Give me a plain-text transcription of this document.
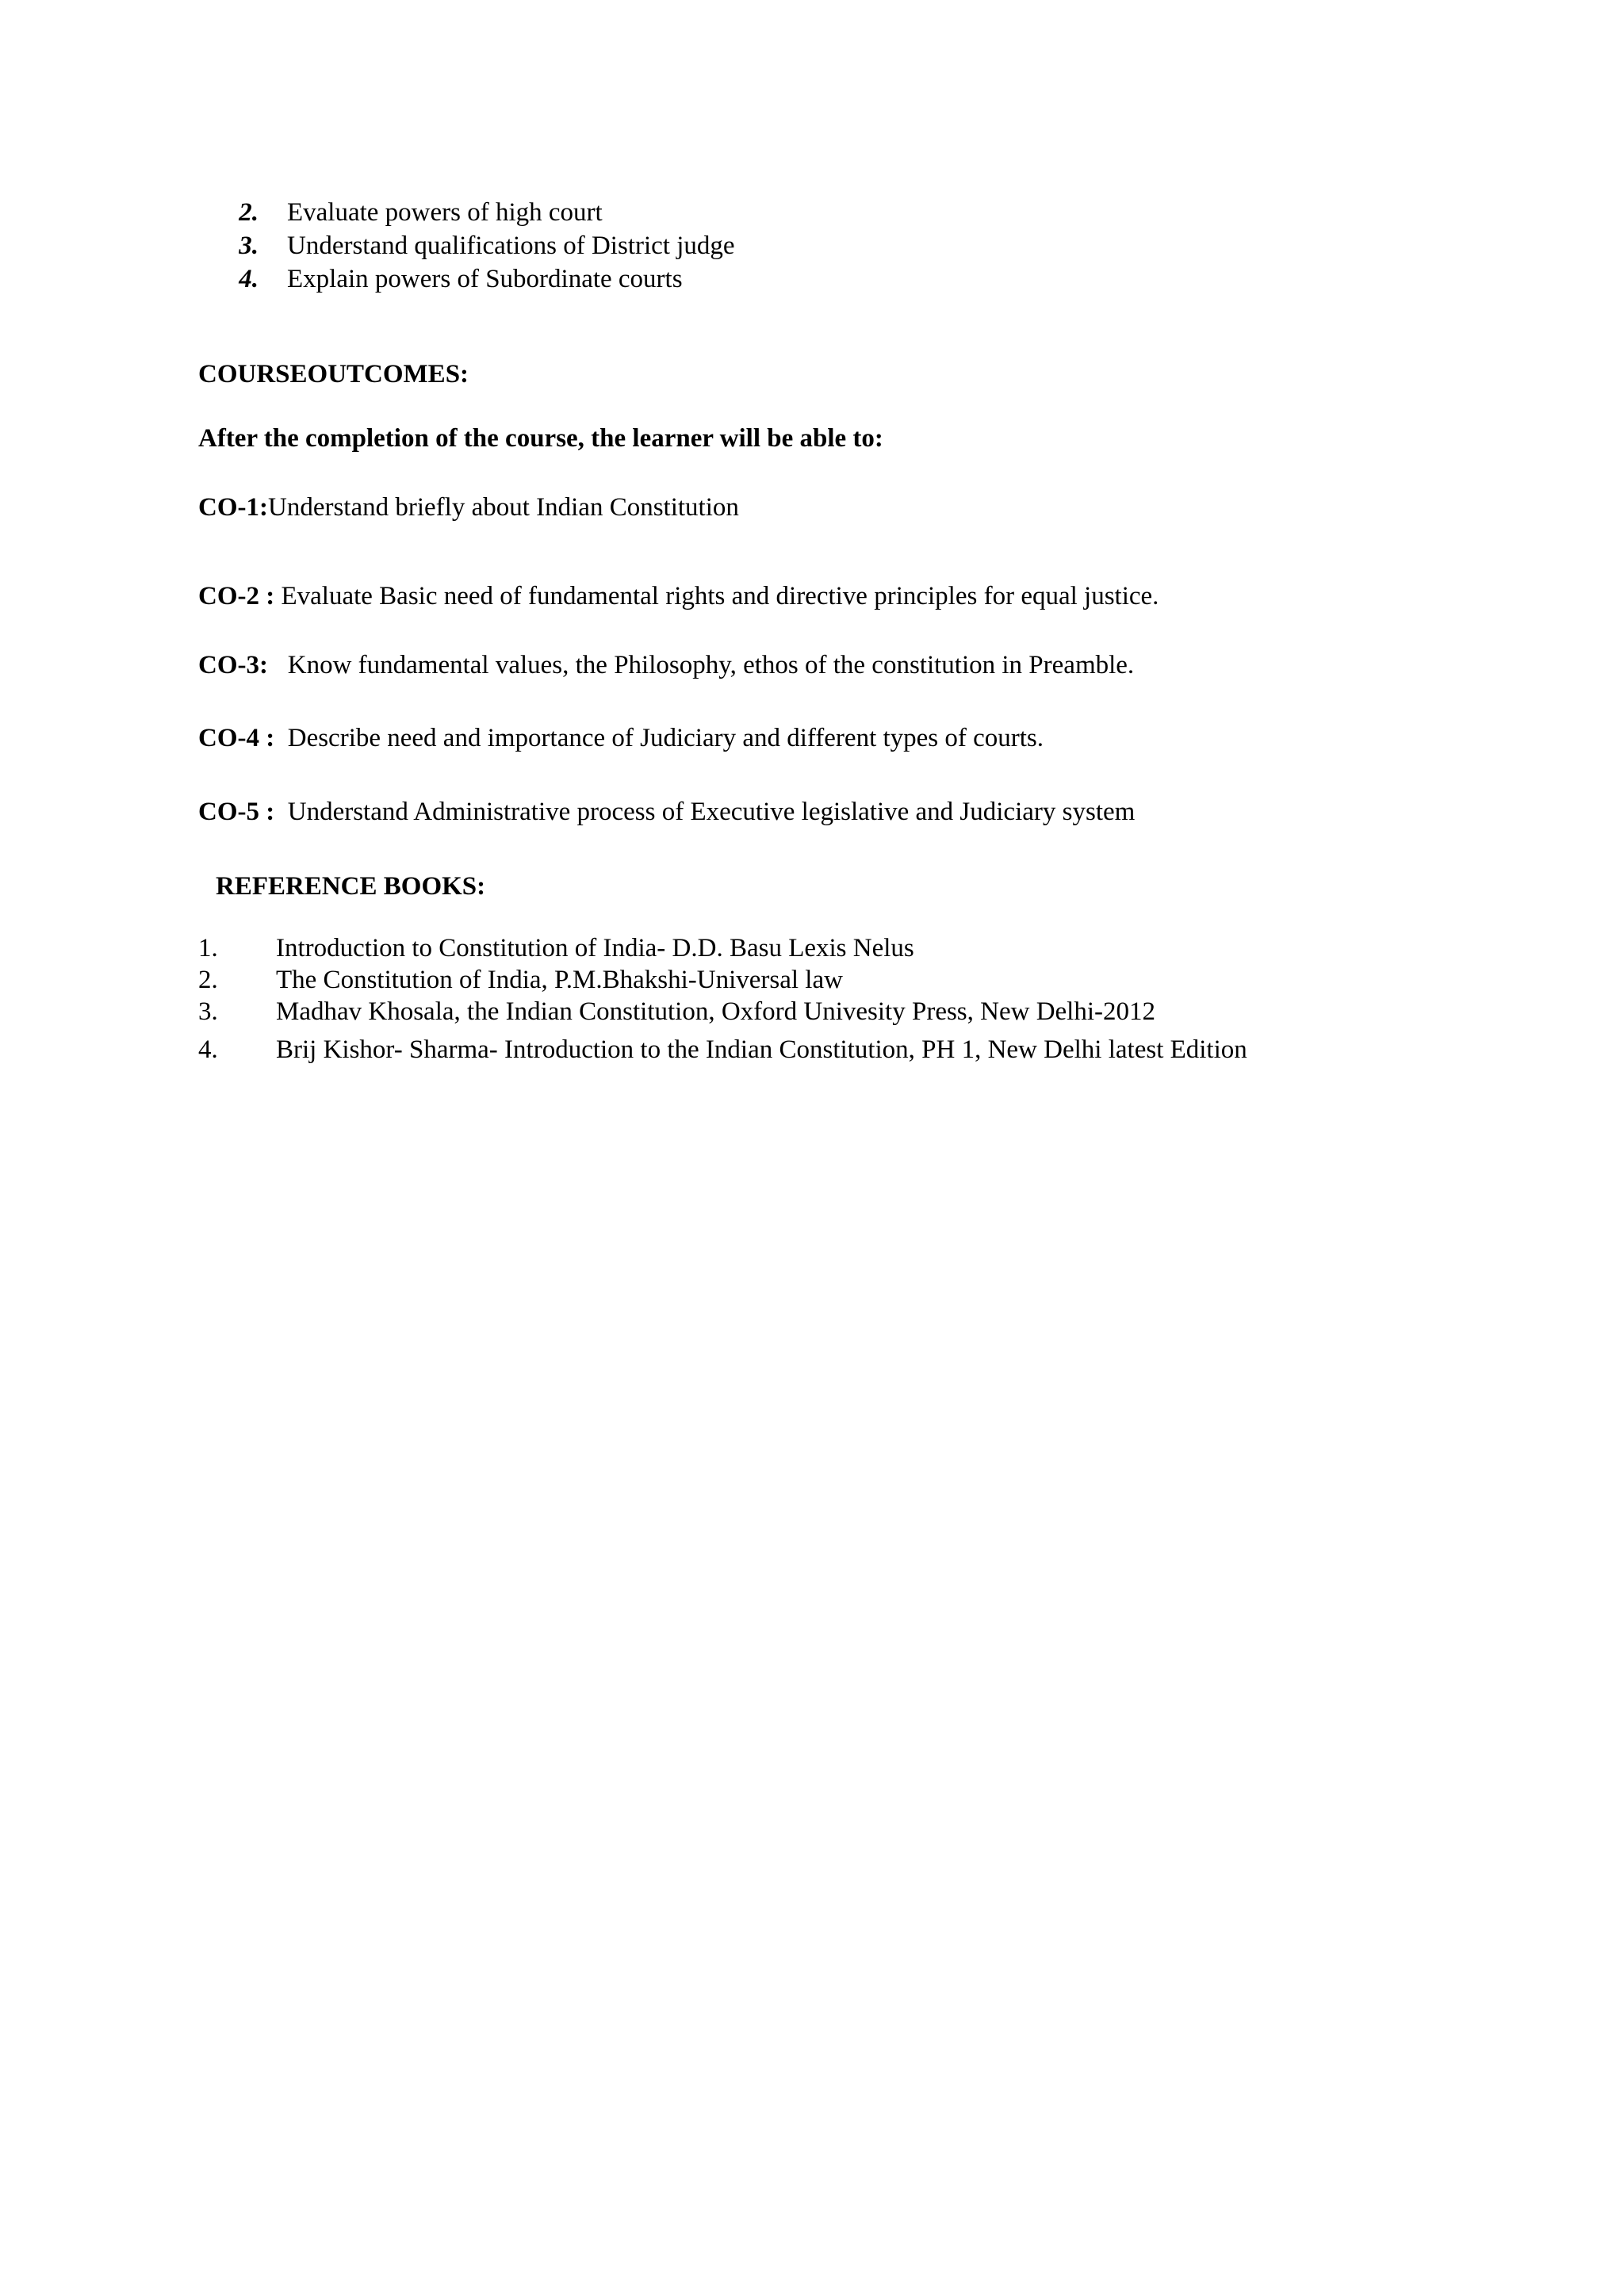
2. Evaluate powers of high court
3. Understand qualifications of District judge
4. Explain powers of Subordinate courts
COURSEOUTCOMES:
After the completion of the course, the learner will be able to:
CO-1:Understand briefly about Indian Constitution
CO-2 : Evaluate Basic need of fundamental rights and directive principles for equal justice.
CO-3:   Know fundamental values, the Philosophy, ethos of the constitution in Preamble.
CO-4 :  Describe need and importance of Judiciary and different types of courts.
CO-5 :  Understand Administrative process of Executive legislative and Judiciary system
REFERENCE BOOKS:
1. Introduction to Constitution of India- D.D. Basu Lexis Nelus
2. The Constitution of India, P.M.Bhakshi-Universal law
3. Madhav Khosala, the Indian Constitution, Oxford Univesity Press, New Delhi-2012
4. Brij Kishor- Sharma- Introduction to the Indian Constitution, PH 1, New Delhi latest Edition
